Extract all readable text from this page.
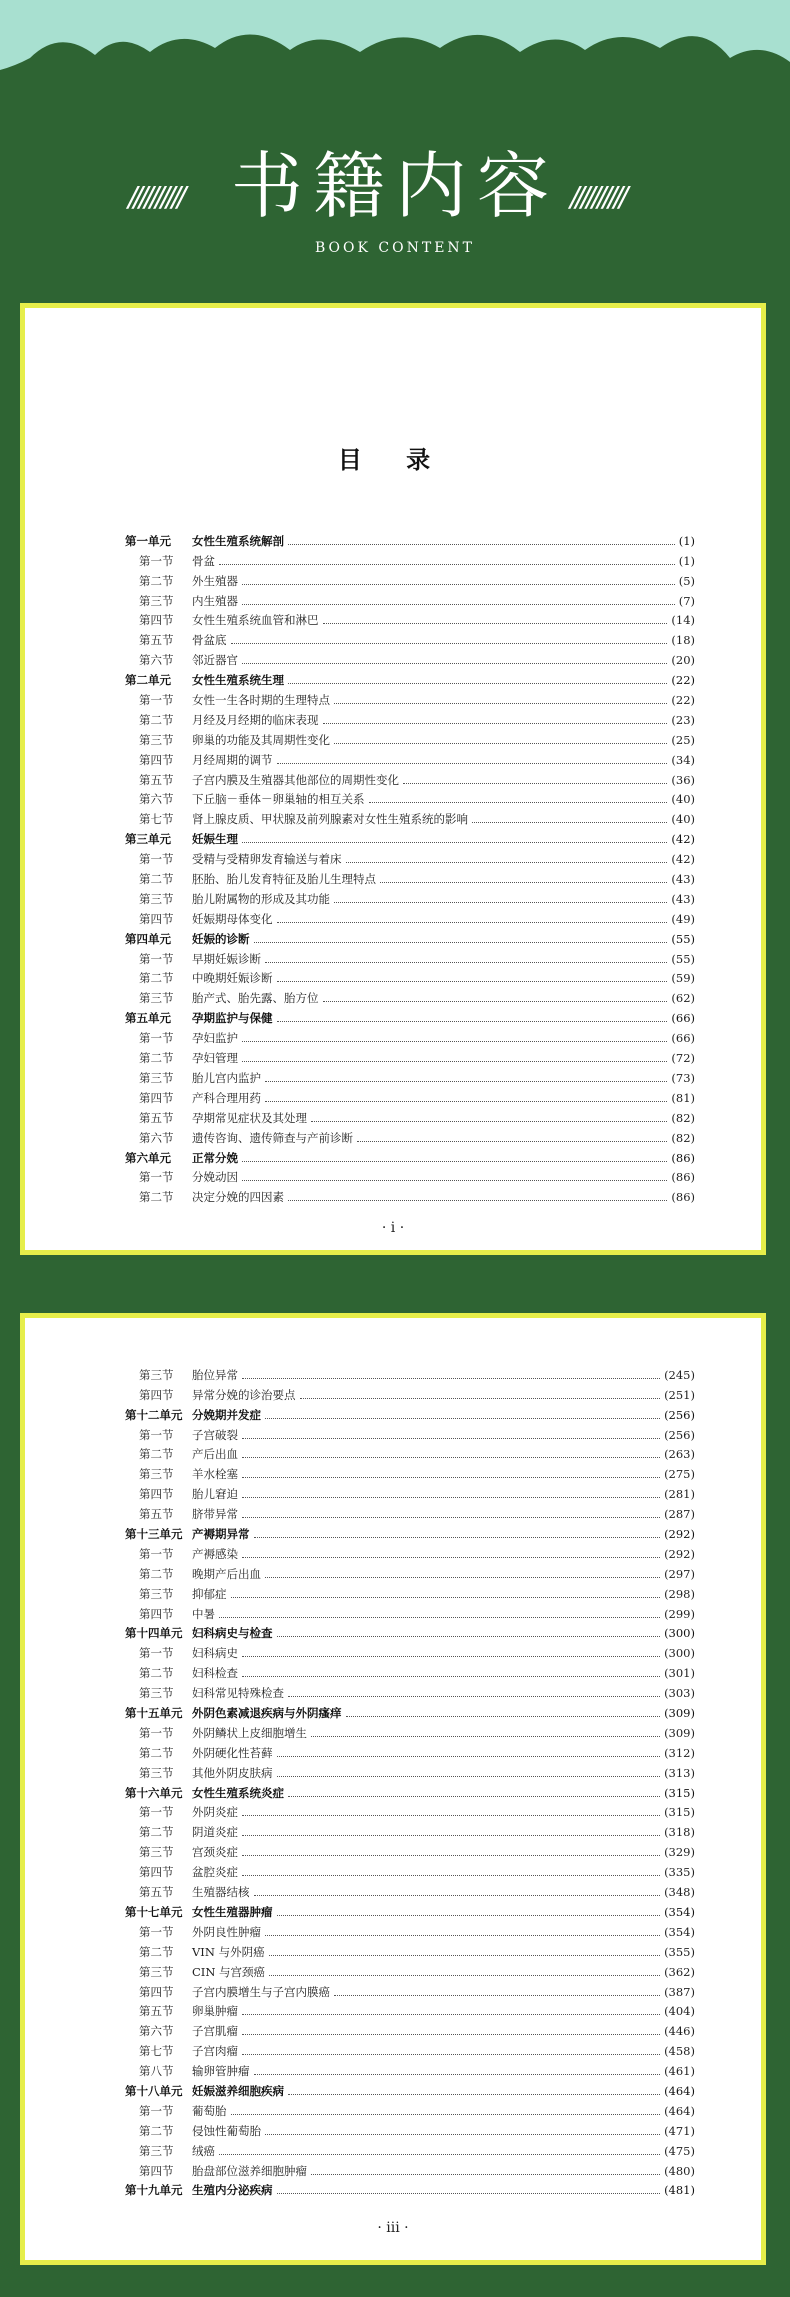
////////// 书籍内容 //////////
BOOK CONTENT
目 录
第一单元	女性生殖系统解剖	(1)
第一节	骨盆	(1)
第二节	外生殖器	(5)
第三节	内生殖器	(7)
第四节	女性生殖系统血管和淋巴	(14)
第五节	骨盆底	(18)
第六节	邻近器官	(20)
第二单元	女性生殖系统生理	(22)
第一节	女性一生各时期的生理特点	(22)
第二节	月经及月经期的临床表现	(23)
第三节	卵巢的功能及其周期性变化	(25)
第四节	月经周期的调节	(34)
第五节	子宫内膜及生殖器其他部位的周期性变化	(36)
第六节	下丘脑－垂体－卵巢轴的相互关系	(40)
第七节	肾上腺皮质、甲状腺及前列腺素对女性生殖系统的影响	(40)
第三单元	妊娠生理	(42)
第一节	受精与受精卵发育输送与着床	(42)
第二节	胚胎、胎儿发育特征及胎儿生理特点	(43)
第三节	胎儿附属物的形成及其功能	(43)
第四节	妊娠期母体变化	(49)
第四单元	妊娠的诊断	(55)
第一节	早期妊娠诊断	(55)
第二节	中晚期妊娠诊断	(59)
第三节	胎产式、胎先露、胎方位	(62)
第五单元	孕期监护与保健	(66)
第一节	孕妇监护	(66)
第二节	孕妇管理	(72)
第三节	胎儿宫内监护	(73)
第四节	产科合理用药	(81)
第五节	孕期常见症状及其处理	(82)
第六节	遗传咨询、遗传筛查与产前诊断	(82)
第六单元	正常分娩	(86)
第一节	分娩动因	(86)
第二节	决定分娩的四因素	(86)
· i ·
第三节	胎位异常	(245)
第四节	异常分娩的诊治要点	(251)
第十二单元 分娩期并发症	(256)
第一节	子宫破裂	(256)
第二节	产后出血	(263)
第三节	羊水栓塞	(275)
第四节	胎儿窘迫	(281)
第五节	脐带异常	(287)
第十三单元 产褥期异常	(292)
第一节	产褥感染	(292)
第二节	晚期产后出血	(297)
第三节	抑郁症	(298)
第四节	中暑	(299)
第十四单元 妇科病史与检查	(300)
第一节	妇科病史	(300)
第二节	妇科检查	(301)
第三节	妇科常见特殊检查	(303)
第十五单元 外阴色素减退疾病与外阴瘙痒	(309)
第一节	外阴鳞状上皮细胞增生	(309)
第二节	外阴硬化性苔藓	(312)
第三节	其他外阴皮肤病	(313)
第十六单元 女性生殖系统炎症	(315)
第一节	外阴炎症	(315)
第二节	阴道炎症	(318)
第三节	宫颈炎症	(329)
第四节	盆腔炎症	(335)
第五节	生殖器结核	(348)
第十七单元 女性生殖器肿瘤	(354)
第一节	外阴良性肿瘤	(354)
第二节	VIN 与外阴癌	(355)
第三节	CIN 与宫颈癌	(362)
第四节	子宫内膜增生与子宫内膜癌	(387)
第五节	卵巢肿瘤	(404)
第六节	子宫肌瘤	(446)
第七节	子宫肉瘤	(458)
第八节	输卵管肿瘤	(461)
第十八单元 妊娠滋养细胞疾病	(464)
第一节	葡萄胎	(464)
第二节	侵蚀性葡萄胎	(471)
第三节	绒癌	(475)
第四节	胎盘部位滋养细胞肿瘤	(480)
第十九单元 生殖内分泌疾病	(481)
· iii ·
